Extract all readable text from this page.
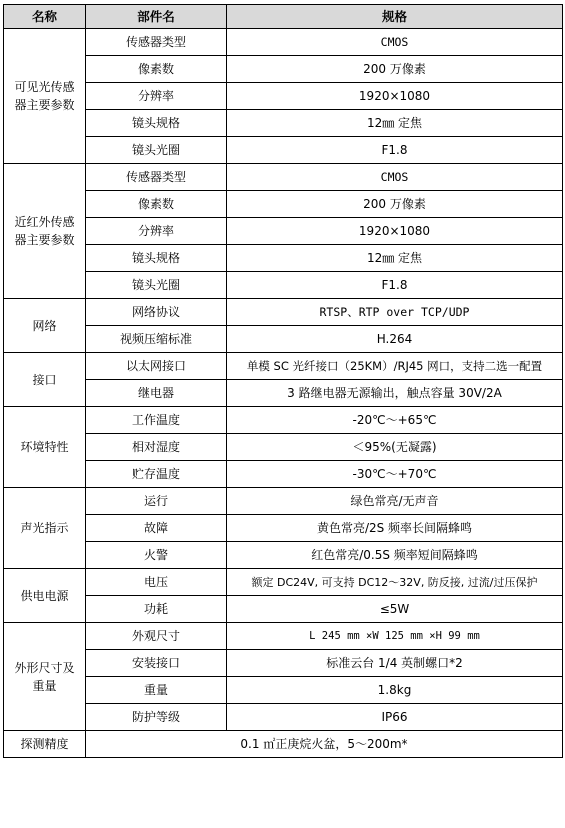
名称	部件名	规格
可见光传感器主要参数	传感器类型	CMOS
	像素数	200 万像素
	分辨率	1920×1080
	镜头规格	12㎜ 定焦
	镜头光圈	F1.8
近红外传感器主要参数	传感器类型	CMOS
	像素数	200 万像素
	分辨率	1920×1080
	镜头规格	12㎜ 定焦
	镜头光圈	F1.8
网络	网络协议	RTSP、RTP over TCP/UDP
	视频压缩标准	H.264
接口	以太网接口	单模 SC 光纤接口（25KM）/RJ45 网口，支持二选一配置
	继电器	3 路继电器无源输出，触点容量 30V/2A
环境特性	工作温度	-20℃～+65℃
	相对湿度	＜95%(无凝露)
	贮存温度	-30℃～+70℃
声光指示	运行	绿色常亮/无声音
	故障	黄色常亮/2S 频率长间隔蜂鸣
	火警	红色常亮/0.5S 频率短间隔蜂鸣
供电电源	电压	额定 DC24V, 可支持 DC12～32V, 防反接, 过流/过压保护
	功耗	≤5W
外形尺寸及重量	外观尺寸	L 245 mm ×W 125 mm ×H 99 mm
	安装接口	标准云台 1/4 英制螺口*2
	重量	1.8kg
	防护等级	IP66
探测精度	0.1 ㎡正庚烷火盆，5～200m*	
